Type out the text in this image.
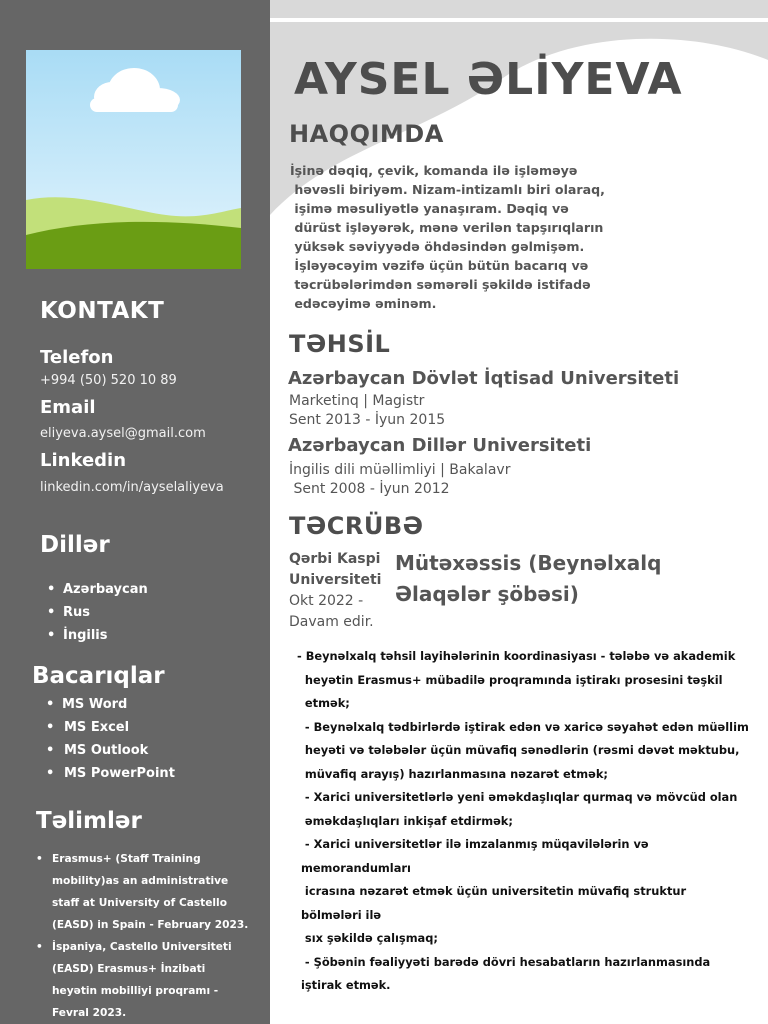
KONTAKT
Telefon
+994 (50) 520 10 89
Email
eliyeva.aysel@gmail.com
Linkedin
linkedin.com/in/ayselaliyeva
Dillər
• Azərbaycan
• Rus
• İngilis
Bacarıqlar
• MS Word
• MS Excel
• MS Outlook
• MS PowerPoint
Təlimlər
• Erasmus+ (Staff Training mobility)as an administrative staff at University of Castello (EASD) in Spain - February 2023.
• İspaniya, Castello Universiteti (EASD) Erasmus+ İnzibati heyətin mobilliyi proqramı - Fevral 2023.
AYSEL ƏLİYEVA
HAQQIMDA
İşinə dəqiq, çevik, komanda ilə işləməyə
həvəsli biriyəm. Nizam-intizamlı biri olaraq,
işimə məsuliyətlə yanaşıram. Dəqiq və
dürüst işləyərək, mənə verilən tapşırıqların
yüksək səviyyədə öhdəsindən gəlmişəm.
İşləyəcəyim vəzifə üçün bütün bacarıq və
təcrübələrimdən səmərəli şəkildə istifadə
edəcəyimə əminəm.
TƏHSİL
Azərbaycan Dövlət İqtisad Universiteti
Marketinq | Magistr
Sent 2013 - İyun 2015
Azərbaycan Dillər Universiteti
İngilis dili müəllimliyi | Bakalavr
Sent 2008 - İyun 2012
TƏCRÜBƏ
Qərbi Kaspi
Universiteti
Okt 2022 -
Davam edir.
Mütəxəssis (Beynəlxalq
Əlaqələr şöbəsi)
- Beynəlxalq təhsil layihələrinin koordinasiyası - tələbə və akademik
heyətin Erasmus+ mübadilə proqramında iştirakı prosesini təşkil
etmək;
- Beynəlxalq tədbirlərdə iştirak edən və xaricə səyahət edən müəllim
heyəti və tələbələr üçün müvafiq sənədlərin (rəsmi dəvət məktubu,
müvafiq arayış) hazırlanmasına nəzarət etmək;
- Xarici universitetlərlə yeni əməkdaşlıqlar qurmaq və mövcüd olan
əməkdaşlıqları inkişaf etdirmək;
- Xarici universitetlər ilə imzalanmış müqavilələrin və
memorandumları
icrasına nəzarət etmək üçün universitetin müvafiq struktur
bölmələri ilə
sıx şəkildə çalışmaq;
- Şöbənin fəaliyyəti barədə dövri hesabatların hazırlanmasında
iştirak etmək.
